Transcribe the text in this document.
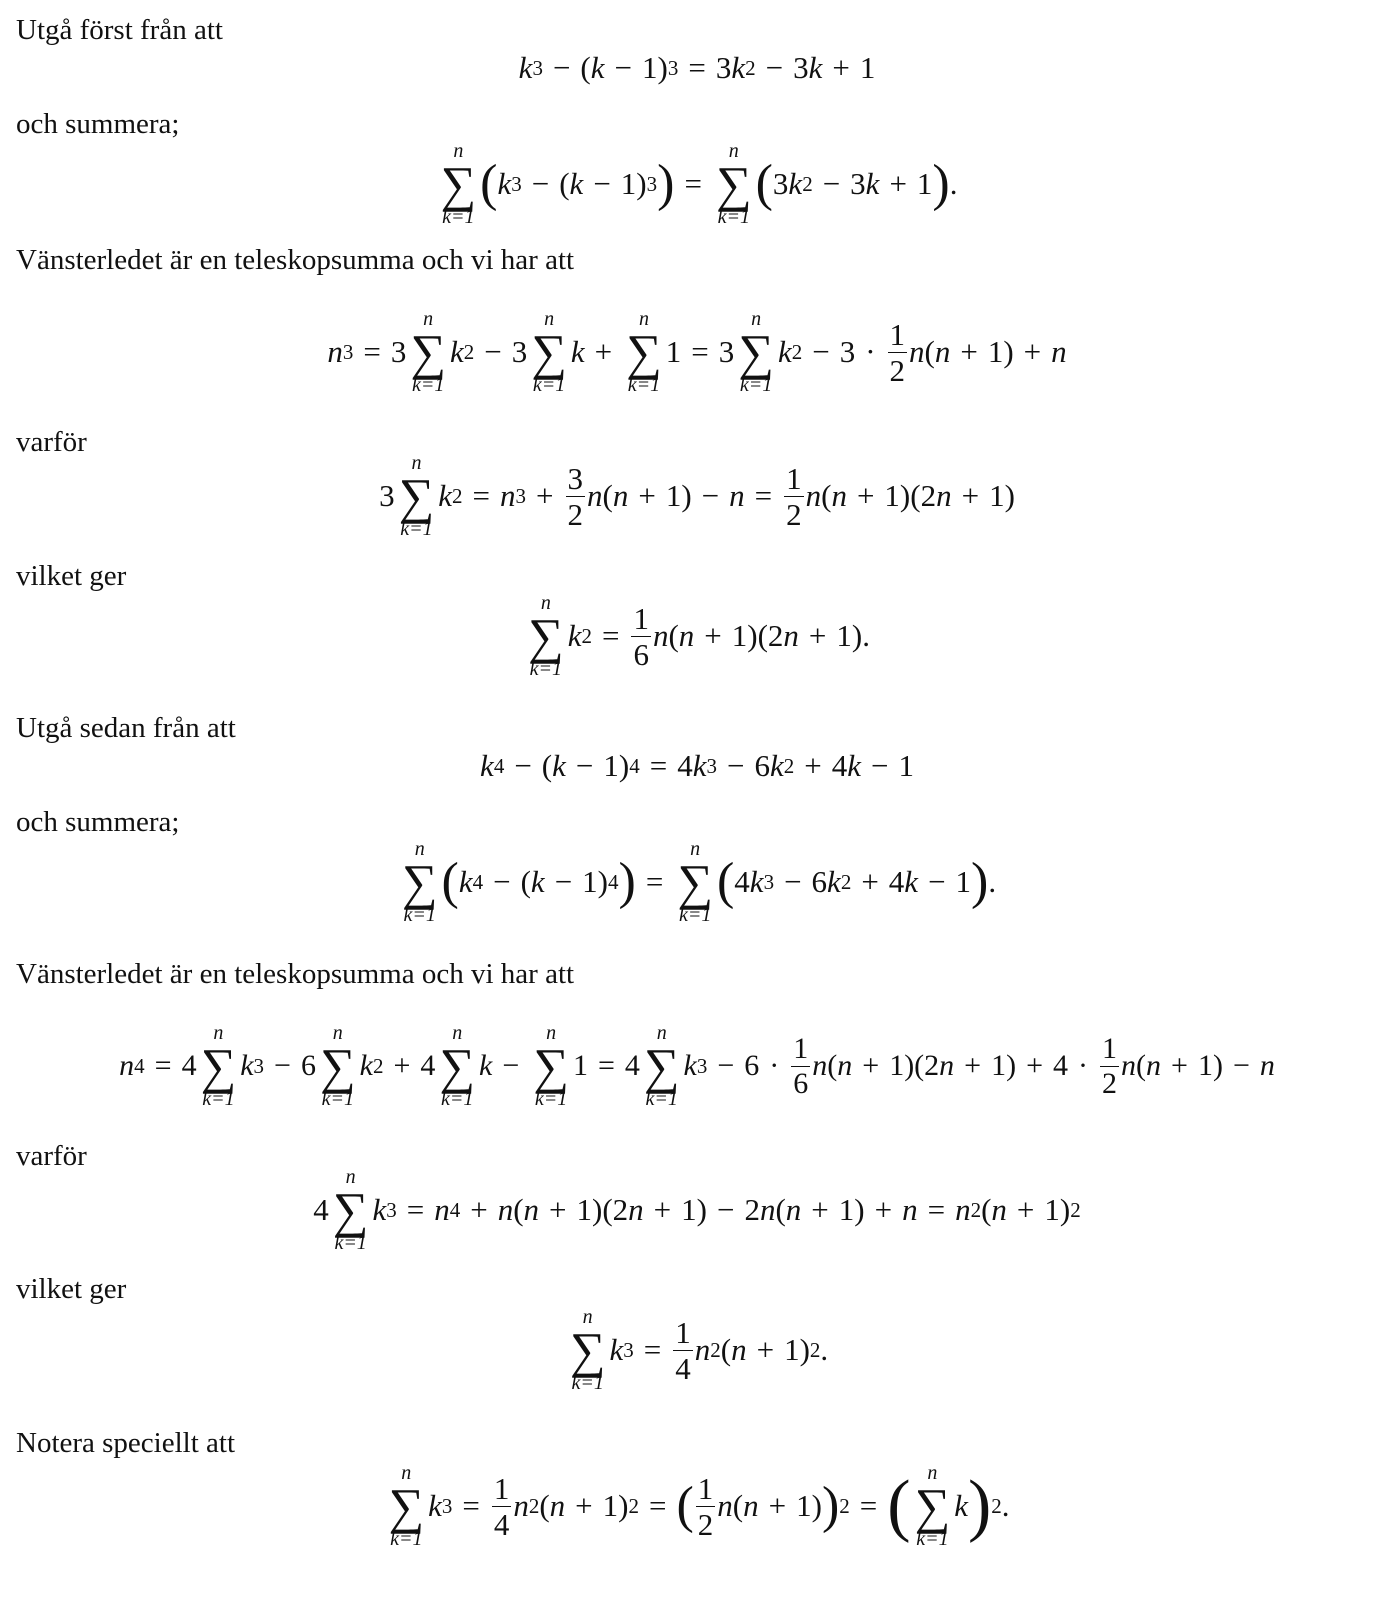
Utgå först från att
och summera;
Vänsterledet är en teleskopsumma och vi har att
varför
vilket ger
Utgå sedan från att
och summera;
Vänsterledet är en teleskopsumma och vi har att
varför
vilket ger
Notera speciellt att
k 3 − ( k − 1) 3 = 3 k 2 − 3 k + 1
n
∑
k=1
( k 3 − ( k − 1) 3 ) =
n
∑
k=1
( 3 k 2 − 3 k + 1 ) .
n 3 = 3
n
∑
k=1
k 2 − 3
n
∑
k=1
k +
n
∑
k=1
1 = 3
n
∑
k=1
k $2 - 3 \cdot \frac{1}{2}$ n ( n + 1) + n
3
n
∑
k=1
k 2 = n $3 + \frac{3}{2}$ n ( $n + 1) - n = \frac{1}{2}$ n ( n + 1)(2 n + 1)
n
∑
k=1
k $2 = \frac{1}{6}$ n ( n + 1)(2 n + 1).
k 4 − ( k − 1) 4 = 4 k 3 − 6 k 2 + 4 k − 1
n
∑
k=1
( k 4 − ( k − 1) 4 ) =
n
∑
k=1
( 4 k 3 − 6 k 2 + 4 k − 1 ) .
n 4 = 4
n
∑
k=1
k 3 − 6
n
∑
k=1
k 2 + 4
n
∑
k=1
k −
n
∑
k=1
1 = 4
n
∑
k=1
k $3 - 6 \cdot \frac{1}{6}$ n ( n + 1)(2 $n + 1) + 4 \cdot \frac{1}{2}$ n ( n + 1) − n
4
n
∑
k=1
k 3 = n 4 + n ( n + 1)(2 n + 1) − 2 n ( n + 1) + n = n 2 ( n + 1) 2
n
∑
k=1
k $3 = \frac{1}{4}$ n 2 ( n + 1) 2 .
n
∑
k=1
k $3 = \frac{1}{4}$ n 2 ( n + 1) 2 = ( $\frac{1}{2}$ n ( n + 1) ) 2 = ( n
∑
k=1
k ) 2 .
